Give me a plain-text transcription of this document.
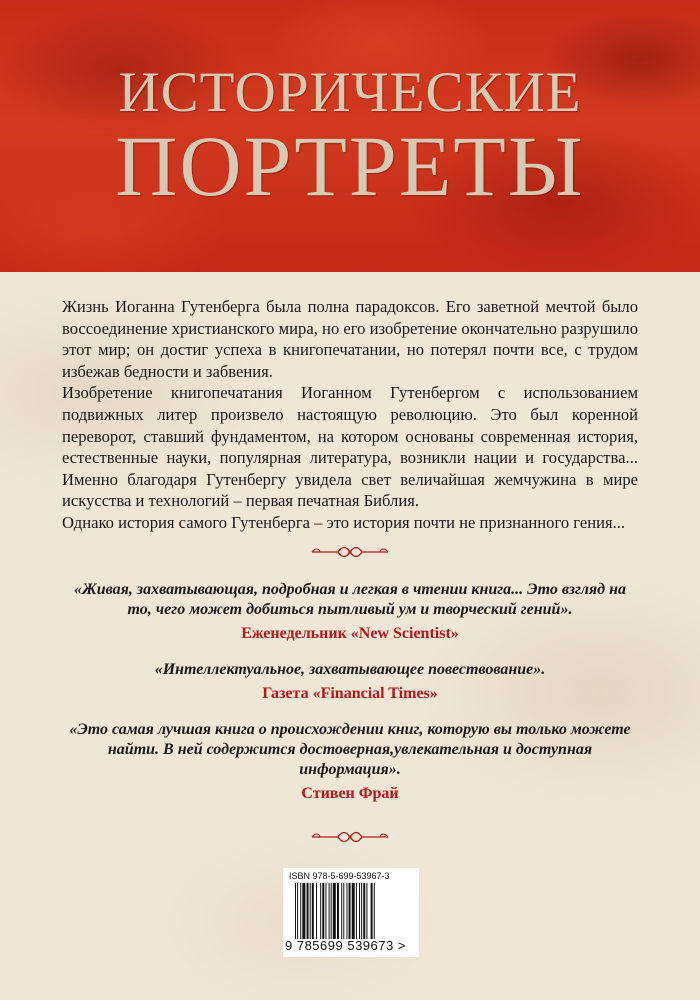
ИСТОРИЧЕСКИЕ
ПОРТРЕТЫ

Жизнь Иоганна Гутенберга была полна парадоксов. Его заветной мечтой было воссоединение христианского мира, но его изобретение окончательно разрушило этот мир; он достиг успеха в книгопечатании, но потерял почти все, с трудом избежав бедности и забвения.

Изобретение книгопечатания Иоганном Гутенбергом с использованием подвижных литер произвело настоящую революцию. Это был коренной переворот, ставший фундаментом, на котором основаны современная история, естественные науки, популярная литература, возникли нации и государства... Именно благодаря Гутенбергу увидела свет величайшая жемчужина в мире искусства и технологий – первая печатная Библия.

Однако история самого Гутенберга – это история почти не признанного гения...

«Живая, захватывающая, подробная и легкая в чтении книга... Это взгляд на то, чего может добиться пытливый ум и творческий гений».

Еженедельник «New Scientist»

«Интеллектуальное, захватывающее повествование».

Газета «Financial Times»

«Это самая лучшая книга о происхождении книг, которую вы только можете найти. В ней содержится достоверная,увлекательная и доступная информация».

Стивен Фрай

ISBN 978-5-699-53967-3
9 785699 539673 >
